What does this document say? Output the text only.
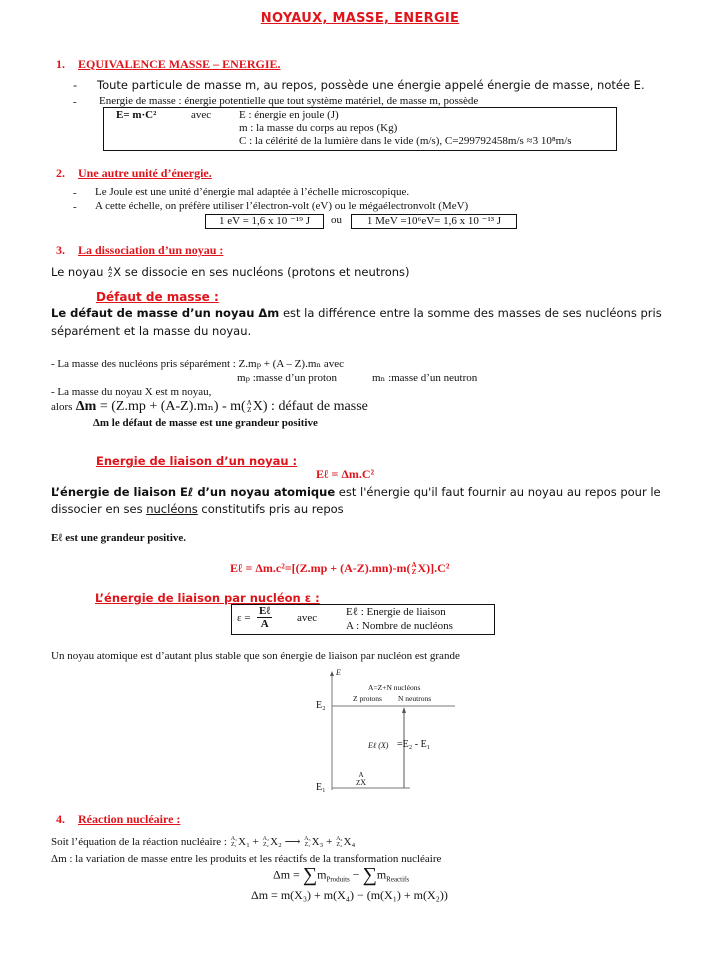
NOYAUX, MASSE, ENERGIE
1. EQUIVALENCE MASSE – ENERGIE.
- Toute particule de masse m, au repos, possède une énergie appelé énergie de masse, notée E.
- Energie de masse : énergie potentielle que tout système matériel, de masse m, possède
E= m·C²	avec	E : énergie en joule (J)
m : la masse du corps au repos (Kg)
C : la célérité de la lumière dans le vide (m/s), C=299792458m/s ≈3 10⁸m/s
2. Une autre unité d’énergie.
- Le Joule est une unité d’énergie mal adaptée à l’échelle microscopique.
- A cette échelle, on préfère utiliser l’électron-volt (eV) ou le mégaélectronvolt (MeV)
1 eV = 1,6 x 10 ⁻¹⁹ J	ou	1 MeV =10⁶eV= 1,6 x 10 ⁻¹³ J
3. La dissociation d’un noyau :
Le noyau A
ZX se dissocie en ses nucléons (protons et neutrons)
Défaut de masse :
Le défaut de masse d’un noyau Δm est la différence entre la somme des masses de ses nucléons pris
séparément et la masse du noyau.
- La masse des nucléons pris séparément : Z.mₚ + (A – Z).mₙ avec
mₚ :masse d’un proton	mₙ :masse d’un neutron
- La masse du noyau X est m noyau,
alors Δm = (Z.mp + (A-Z).mₙ) - m(A
ZX) : défaut de masse
Δm le défaut de masse est une grandeur positive
Energie de liaison d’un noyau :
Eℓ = Δm.C²
L’énergie de liaison Eℓ d’un noyau atomique est l'énergie qu'il faut fournir au noyau au repos pour le
dissocier en ses nucléons constitutifs pris au repos
Eℓ est une grandeur positive.
Eℓ = Δm.c²=[(Z.mp + (A-Z).mn)-m(A
ZX)].C²
L’énergie de liaison par nucléon ε :
$\varepsilon = \frac{\text{Eℓ}}{A}$ avec	Eℓ : Energie de liaison
A : Nombre de nucléons
Un noyau atomique est d’autant plus stable que son énergie de liaison par nucléon est grande
E
A=Z+N nucléons
Z protons N neutrons
E₂
E₁
Eℓ (X) =E₂ - E₁
A
ZX
4. Réaction nucléaire :
Soit l’équation de la réaction nucléaire : A₁
Z₁X₁ + A₂
Z₂X₂ ⟶ A₃
Z₃X₃ + A₄
Z₄X₄
Δm : la variation de masse entre les produits et les réactifs de la transformation nucléaire
$\Delta m = \sum m_{Produits} - \sum m_{Reactifs}$
Δm = m(X₃) + m(X₄) − (m(X₁) + m(X₂))
